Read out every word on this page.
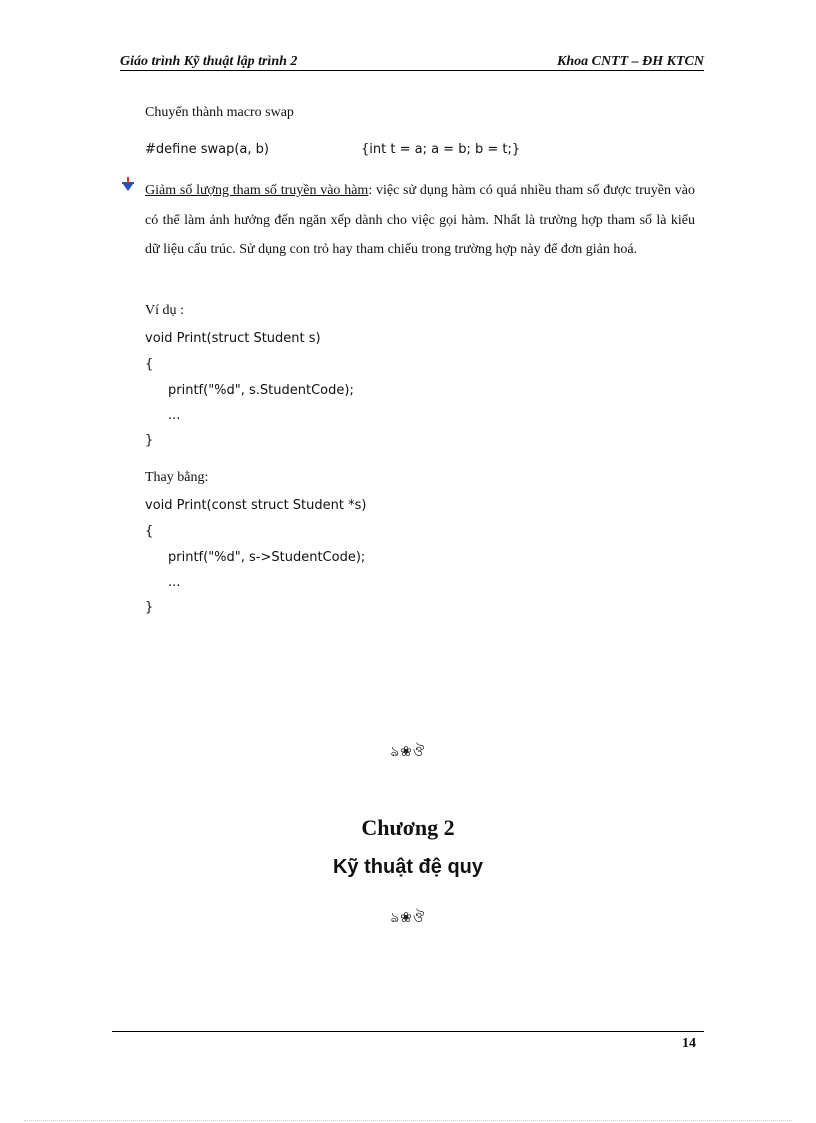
Giáo trình Kỹ thuật lập trình 2	Khoa CNTT – ĐH KTCN
Chuyển thành macro swap
#define swap(a, b)	{int t = a; a = b; b = t;}
Giảm số lượng tham số truyền vào hàm: việc sử dụng hàm có quá nhiều tham số được truyền vào có thể làm ảnh hưởng đến ngăn xếp dành cho việc gọi hàm. Nhất là trường hợp tham số là kiểu dữ liệu cấu trúc. Sử dụng con trỏ hay tham chiếu trong trường hợp này để đơn giản hoá.
Ví dụ :
void Print(struct Student s)
{
printf("%d", s.StudentCode);
...
}
Thay bằng:
void Print(const struct Student *s)
{
printf("%d", s->StudentCode);
...
}
ঌ❀ঔ
Chương 2
Kỹ thuật đệ quy
ঌ❀ঔ
14
